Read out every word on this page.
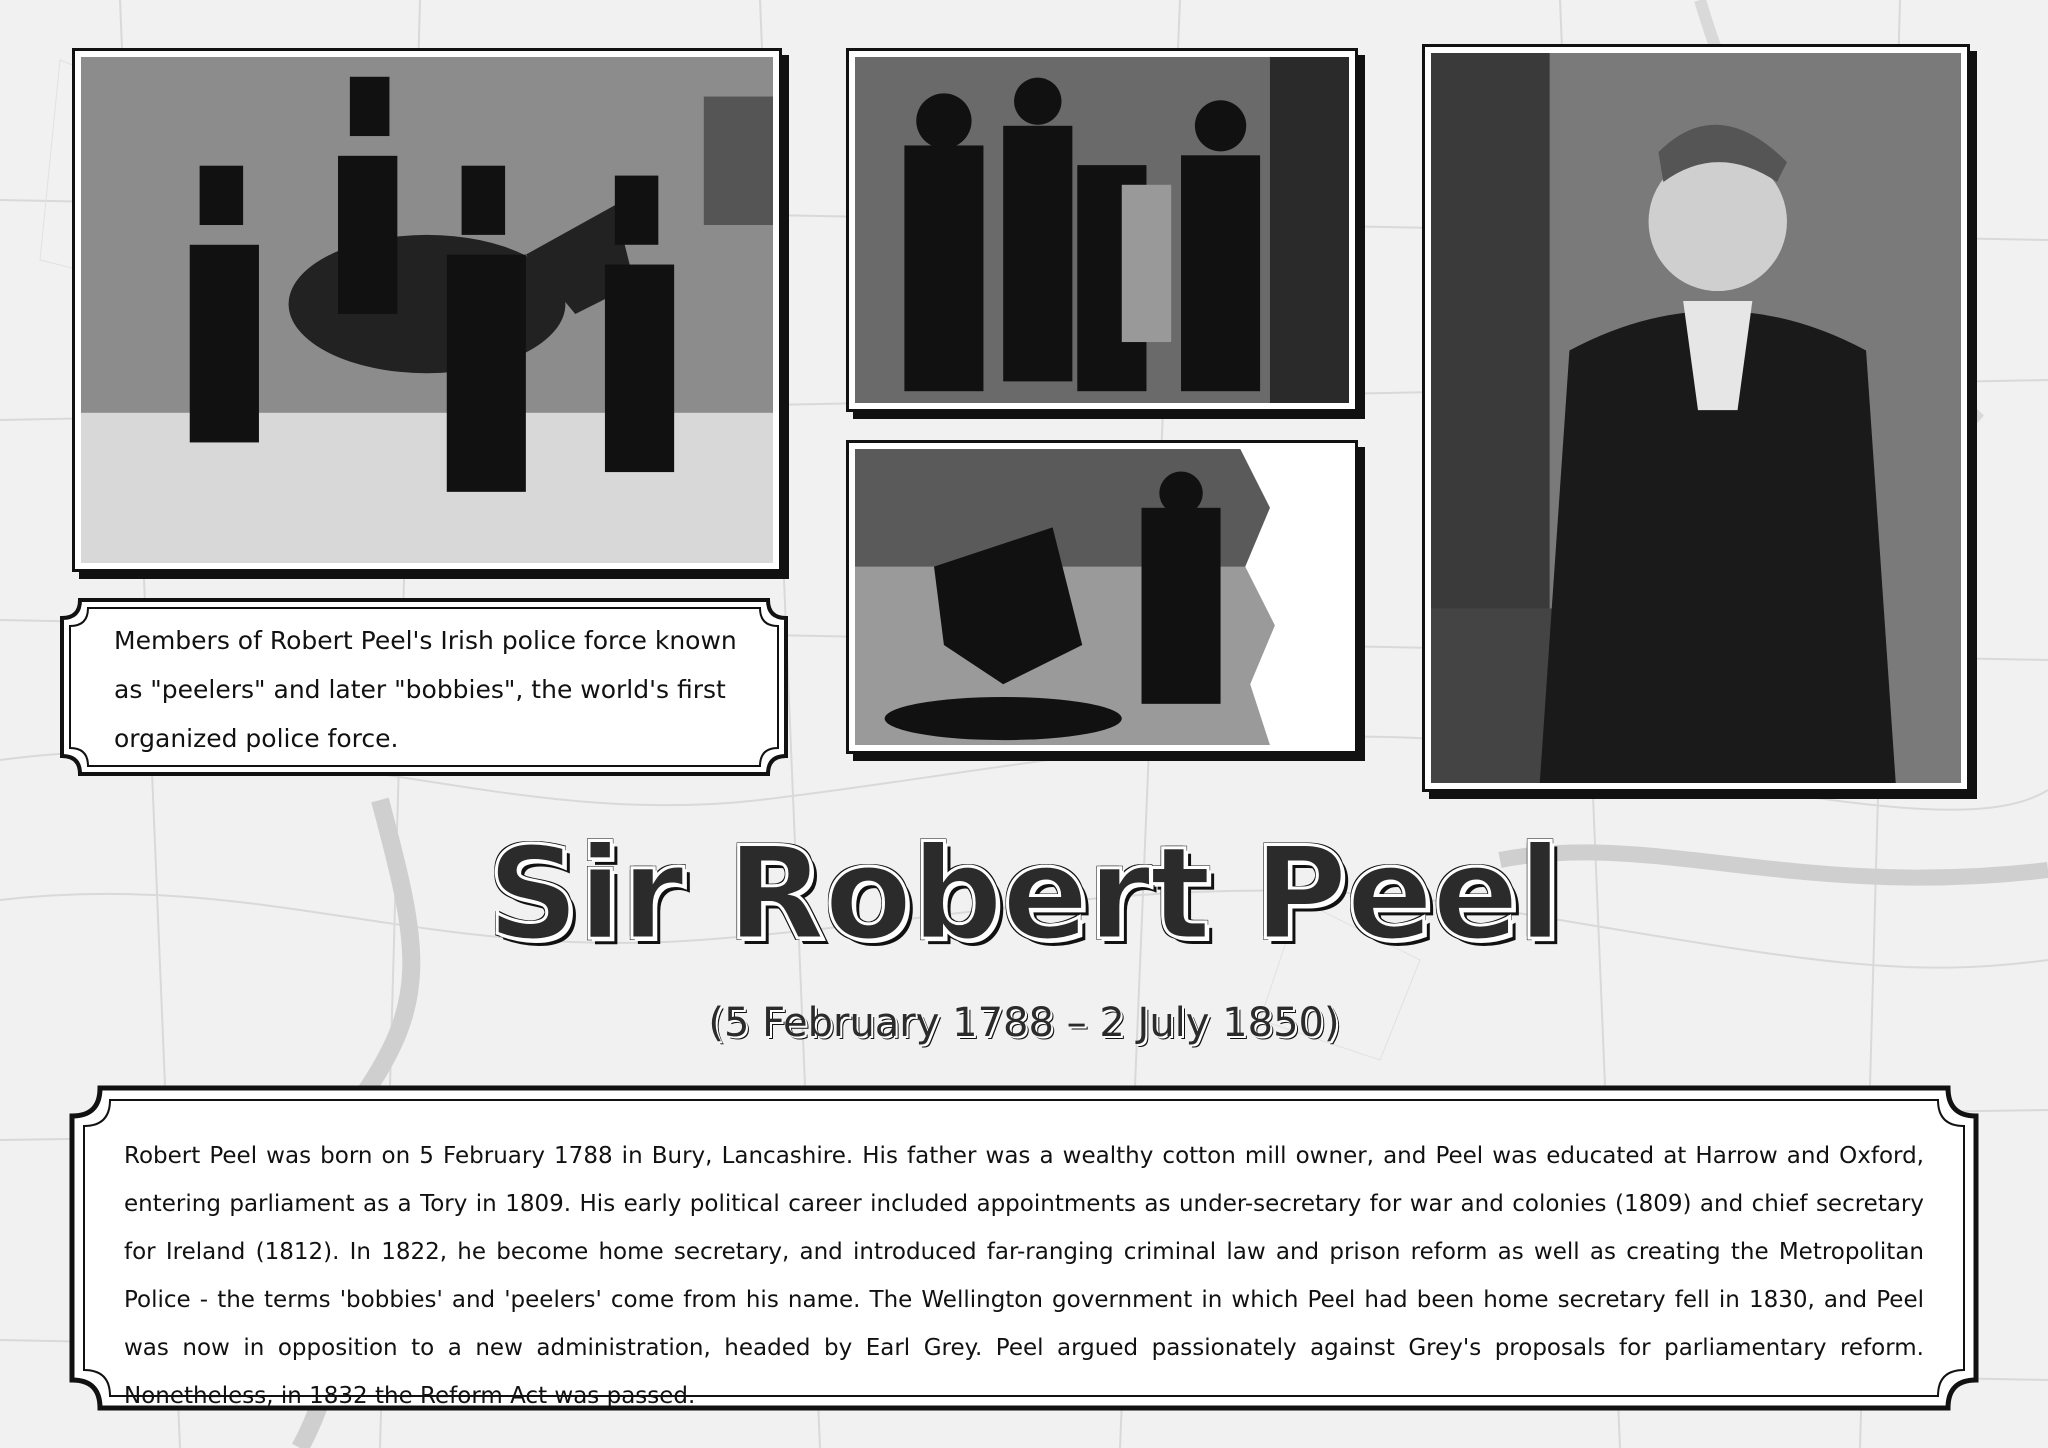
Members of Robert Peel's Irish police force known as "peelers" and later "bobbies", the world's first organized police force.
Sir Robert Peel
(5 February 1788 – 2 July 1850)
Robert Peel was born on 5 February 1788 in Bury, Lancashire. His father was a wealthy cotton mill owner, and Peel was educated at Harrow and Oxford, entering parliament as a Tory in 1809. His early political career included appointments as under-secretary for war and colonies (1809) and chief secretary for Ireland (1812). In 1822, he become home secretary, and introduced far-ranging criminal law and prison reform as well as creating the Metropolitan Police - the terms 'bobbies' and 'peelers' come from his name. The Wellington government in which Peel had been home secretary fell in 1830, and Peel was now in opposition to a new administration, headed by Earl Grey. Peel argued passionately against Grey's proposals for parliamentary reform. Nonetheless, in 1832 the Reform Act was passed.
